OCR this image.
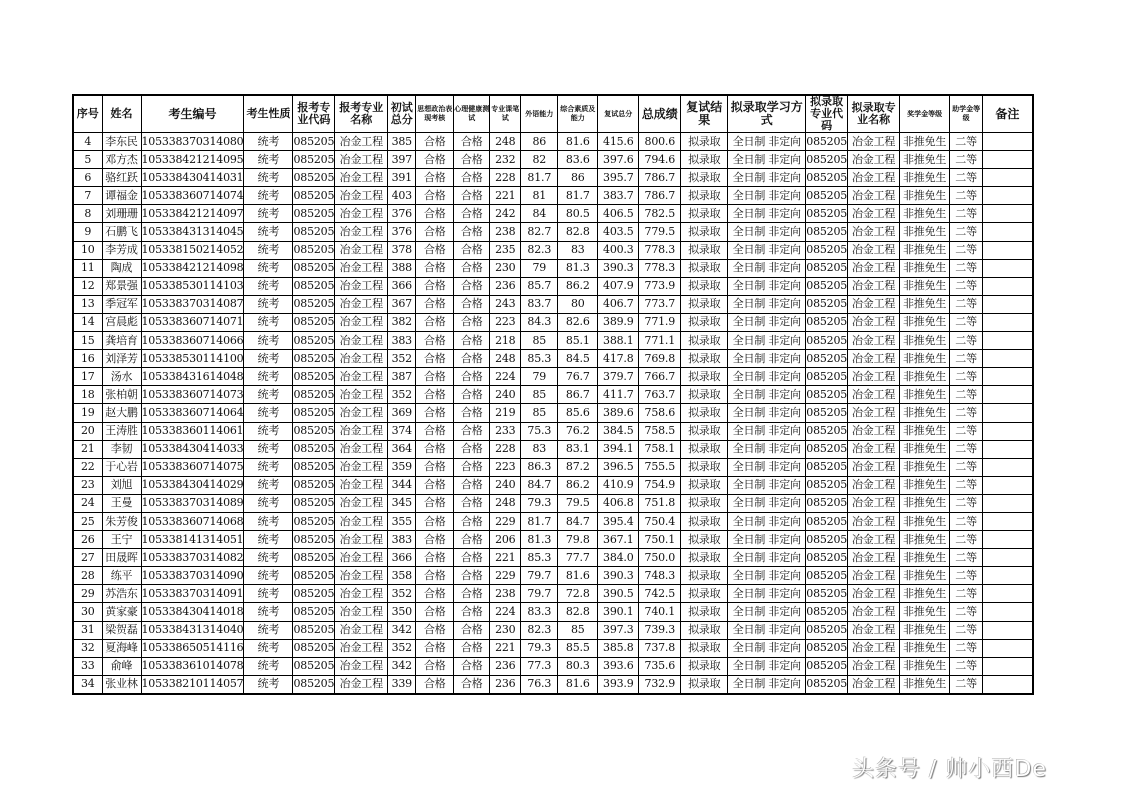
序号	姓名	考生编号	考生性质	报考专业代码	报考专业名称	初试总分	思想政治表现考核	心理健康测试	专业课笔试	外语能力	综合素质及能力	复试总分	总成绩	复试结果	拟录取学习方式	拟录取专业代码	拟录取专业名称	奖学金等级	助学金等级	备注
4	李东民	105338370314080	统考	085205	冶金工程	385	合格	合格	248	86	81.6	415.6	800.6	拟录取	全日制 非定向	085205	冶金工程	非推免生	二等	
5	邓方杰	105338421214095	统考	085205	冶金工程	397	合格	合格	232	82	83.6	397.6	794.6	拟录取	全日制 非定向	085205	冶金工程	非推免生	二等	
6	骆红跃	105338430414031	统考	085205	冶金工程	391	合格	合格	228	81.7	86	395.7	786.7	拟录取	全日制 非定向	085205	冶金工程	非推免生	二等	
7	谭福金	105338360714074	统考	085205	冶金工程	403	合格	合格	221	81	81.7	383.7	786.7	拟录取	全日制 非定向	085205	冶金工程	非推免生	二等	
8	刘珊珊	105338421214097	统考	085205	冶金工程	376	合格	合格	242	84	80.5	406.5	782.5	拟录取	全日制 非定向	085205	冶金工程	非推免生	二等	
9	石鹏飞	105338431314045	统考	085205	冶金工程	376	合格	合格	238	82.7	82.8	403.5	779.5	拟录取	全日制 非定向	085205	冶金工程	非推免生	二等	
10	李芳成	105338150214052	统考	085205	冶金工程	378	合格	合格	235	82.3	83	400.3	778.3	拟录取	全日制 非定向	085205	冶金工程	非推免生	二等	
11	陶成	105338421214098	统考	085205	冶金工程	388	合格	合格	230	79	81.3	390.3	778.3	拟录取	全日制 非定向	085205	冶金工程	非推免生	二等	
12	郑景强	105338530114103	统考	085205	冶金工程	366	合格	合格	236	85.7	86.2	407.9	773.9	拟录取	全日制 非定向	085205	冶金工程	非推免生	二等	
13	季冠军	105338370314087	统考	085205	冶金工程	367	合格	合格	243	83.7	80	406.7	773.7	拟录取	全日制 非定向	085205	冶金工程	非推免生	二等	
14	宫晨彪	105338360714071	统考	085205	冶金工程	382	合格	合格	223	84.3	82.6	389.9	771.9	拟录取	全日制 非定向	085205	冶金工程	非推免生	二等	
15	龚培育	105338360714066	统考	085205	冶金工程	383	合格	合格	218	85	85.1	388.1	771.1	拟录取	全日制 非定向	085205	冶金工程	非推免生	二等	
16	刘泽芳	105338530114100	统考	085205	冶金工程	352	合格	合格	248	85.3	84.5	417.8	769.8	拟录取	全日制 非定向	085205	冶金工程	非推免生	二等	
17	汤水	105338431614048	统考	085205	冶金工程	387	合格	合格	224	79	76.7	379.7	766.7	拟录取	全日制 非定向	085205	冶金工程	非推免生	二等	
18	张柏朝	105338360714073	统考	085205	冶金工程	352	合格	合格	240	85	86.7	411.7	763.7	拟录取	全日制 非定向	085205	冶金工程	非推免生	二等	
19	赵大鹏	105338360714064	统考	085205	冶金工程	369	合格	合格	219	85	85.6	389.6	758.6	拟录取	全日制 非定向	085205	冶金工程	非推免生	二等	
20	王涛胜	105338360114061	统考	085205	冶金工程	374	合格	合格	233	75.3	76.2	384.5	758.5	拟录取	全日制 非定向	085205	冶金工程	非推免生	二等	
21	李韧	105338430414033	统考	085205	冶金工程	364	合格	合格	228	83	83.1	394.1	758.1	拟录取	全日制 非定向	085205	冶金工程	非推免生	二等	
22	于心岩	105338360714075	统考	085205	冶金工程	359	合格	合格	223	86.3	87.2	396.5	755.5	拟录取	全日制 非定向	085205	冶金工程	非推免生	二等	
23	刘旭	105338430414029	统考	085205	冶金工程	344	合格	合格	240	84.7	86.2	410.9	754.9	拟录取	全日制 非定向	085205	冶金工程	非推免生	二等	
24	王曼	105338370314089	统考	085205	冶金工程	345	合格	合格	248	79.3	79.5	406.8	751.8	拟录取	全日制 非定向	085205	冶金工程	非推免生	二等	
25	朱芳俊	105338360714068	统考	085205	冶金工程	355	合格	合格	229	81.7	84.7	395.4	750.4	拟录取	全日制 非定向	085205	冶金工程	非推免生	二等	
26	王宁	105338141314051	统考	085205	冶金工程	383	合格	合格	206	81.3	79.8	367.1	750.1	拟录取	全日制 非定向	085205	冶金工程	非推免生	二等	
27	田晟晖	105338370314082	统考	085205	冶金工程	366	合格	合格	221	85.3	77.7	384.0	750.0	拟录取	全日制 非定向	085205	冶金工程	非推免生	二等	
28	练平	105338370314090	统考	085205	冶金工程	358	合格	合格	229	79.7	81.6	390.3	748.3	拟录取	全日制 非定向	085205	冶金工程	非推免生	二等	
29	苏浩东	105338370314091	统考	085205	冶金工程	352	合格	合格	238	79.7	72.8	390.5	742.5	拟录取	全日制 非定向	085205	冶金工程	非推免生	二等	
30	黄家豪	105338430414018	统考	085205	冶金工程	350	合格	合格	224	83.3	82.8	390.1	740.1	拟录取	全日制 非定向	085205	冶金工程	非推免生	二等	
31	梁贺磊	105338431314040	统考	085205	冶金工程	342	合格	合格	230	82.3	85	397.3	739.3	拟录取	全日制 非定向	085205	冶金工程	非推免生	二等	
32	夏海峰	105338650514116	统考	085205	冶金工程	352	合格	合格	221	79.3	85.5	385.8	737.8	拟录取	全日制 非定向	085205	冶金工程	非推免生	二等	
33	俞峰	105338361014078	统考	085205	冶金工程	342	合格	合格	236	77.3	80.3	393.6	735.6	拟录取	全日制 非定向	085205	冶金工程	非推免生	二等	
34	张业林	105338210114057	统考	085205	冶金工程	339	合格	合格	236	76.3	81.6	393.9	732.9	拟录取	全日制 非定向	085205	冶金工程	非推免生	二等	
头条号 / 帅小西De
